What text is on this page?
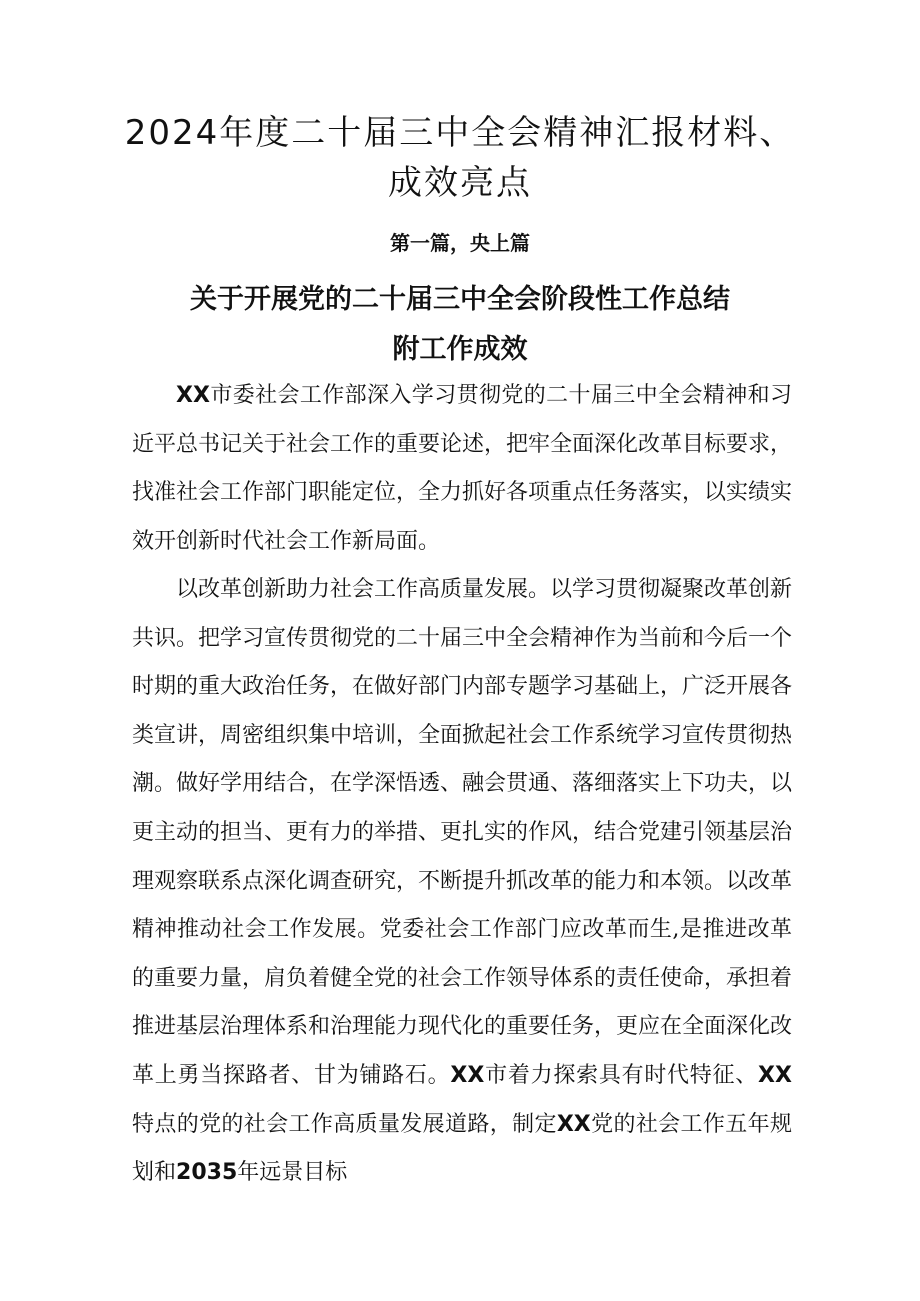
2024年度二十届三中全会精神汇报材料、成效亮点
第一篇，央上篇
关于开展党的二十届三中全会阶段性工作总结
附工作成效

XX市委社会工作部深入学习贯彻党的二十届三中全会精神和习近平总书记关于社会工作的重要论述，把牢全面深化改革目标要求，找准社会工作部门职能定位，全力抓好各项重点任务落实，以实绩实效开创新时代社会工作新局面。

以改革创新助力社会工作高质量发展。以学习贯彻凝聚改革创新共识。把学习宣传贯彻党的二十届三中全会精神作为当前和今后一个时期的重大政治任务，在做好部门内部专题学习基础上，广泛开展各类宣讲，周密组织集中培训，全面掀起社会工作系统学习宣传贯彻热潮。做好学用结合，在学深悟透、融会贯通、落细落实上下功夫，以更主动的担当、更有力的举措、更扎实的作风，结合党建引领基层治理观察联系点深化调查研究，不断提升抓改革的能力和本领。以改革精神推动社会工作发展。党委社会工作部门应改革而生,是推进改革的重要力量，肩负着健全党的社会工作领导体系的责任使命，承担着推进基层治理体系和治理能力现代化的重要任务，更应在全面深化改革上勇当探路者、甘为铺路石。XX市着力探索具有时代特征、XX特点的党的社会工作高质量发展道路，制定XX党的社会工作五年规划和2035年远景目标
